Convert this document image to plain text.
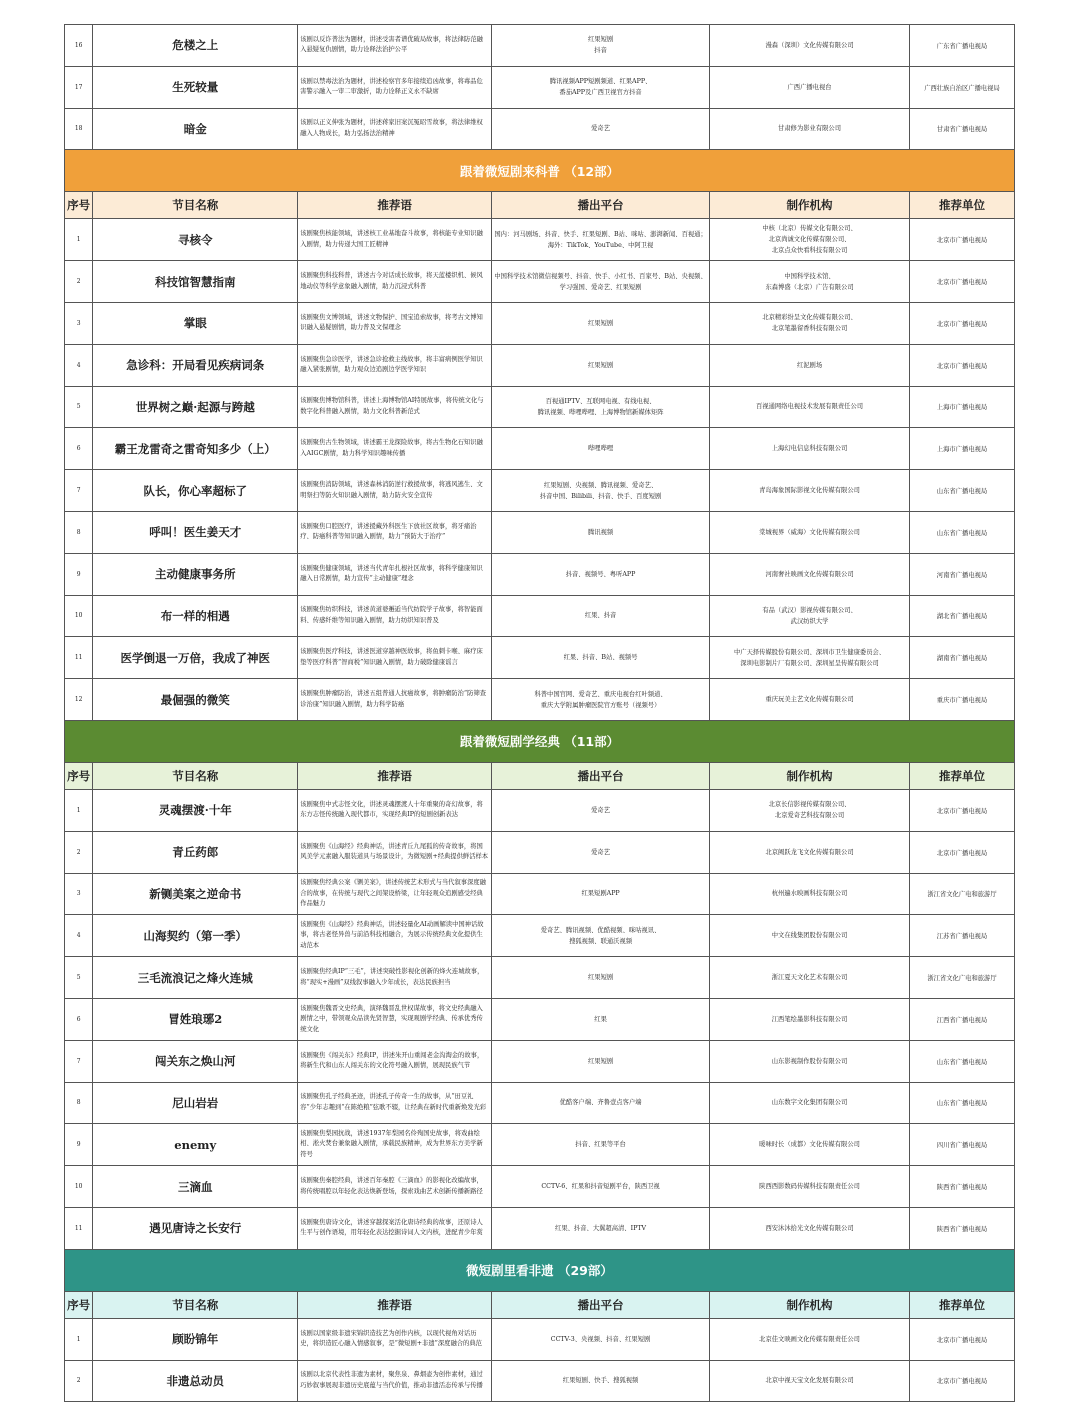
16	危楼之上	该剧以反诈普法为题材，讲述受害者谱优破局故事，将法律防范融入悬疑复仇剧情，助力诠释法治护公平	红果短剧
抖音	漫森（深圳）文化传媒有限公司	广东省广播电视局
17	生死较量	该剧以禁毒法治为题材，讲述检察官多年接续追凶故事，将毒品危害警示融入一审二审激折，助力诠释正义永不缺席	腾讯视频APP短剧频道、红果APP、
番茄APP及广西卫视官方抖音	广西广播电视台	广西壮族自治区广播电视局
18	暗金	该剧以正义伸张为题材，讲述蒋家旧案沉冤昭雪故事，将法律维权融入人物成长，助力弘扬法治精神	爱奇艺	甘肃修为影业有限公司	甘肃省广播电视局
跟着微短剧来科普 （12部）					
序号	节目名称	推荐语	播出平台	制作机构	推荐单位
1	寻核令	该剧聚焦核能领域，讲述核工业基地奋斗故事，将核能专业知识融入剧情，助力传递大国工匠精神	国内：河马剧场、抖音、快手、红果短剧、B站、咪咕、澎湃新闻、百视通；海外：TikTok、YouTube、中阿卫视	中核（北京）传媒文化有限公司、
北京尚诚文化传媒有限公司、
北京点众快看科技有限公司	北京市广播电视局
2	科技馆智慧指南	该剧聚焦科技科普，讲述古今对话成长故事，将天蓝楼织机、候风地动仪等科学意象融入剧情，助力沉浸式科普	中国科学技术馆微信视频号、抖音、快手、小红书、百家号、B站、央视频、学习强国、爱奇艺、红果短剧	中国科学技术馆、
东森博盛（北京）广告有限公司	北京市广播电视局
3	掌眼	该剧聚焦文博领域，讲述文物保护、国宝追索故事，将考古文博知识融入悬疑剧情，助力普及文保理念	红果短剧	北京精彩纷呈文化传媒有限公司、
北京笔墨留香科技有限公司	北京市广播电视局
4	急诊科：开局看见疾病词条	该剧聚焦急诊医学，讲述急诊抢救主线故事，将丰富病例医学知识融入紧张剧情，助力观众边追剧边学医学知识	红果短剧	红泥剧场	北京市广播电视局
5	世界树之巅·起源与跨越	该剧聚焦博物馆科普，讲述上海博物馆AI特展故事，将传统文化与数字化科普融入剧情，助力文化科普新范式	百视通IPTV、互联网电视、有线电视、
腾讯视频、哔哩哔哩、上海博物馆新媒体矩阵	百视通网络电视技术发展有限责任公司	上海市广播电视局
6	霸王龙雷奇之雷奇知多少（上）	该剧聚焦古生物领域，讲述霸王龙探险故事，将古生物化石知识融入AIGC剧情，助力科学知识趣味传播	哔哩哔哩	上海幻电信息科技有限公司	上海市广播电视局
7	队长，你心率超标了	该剧聚焦消防领域，讲述森林消防逆行救援故事，将逃风逃生、文明祭扫等防火知识融入剧情，助力防火安全宣传	红果短剧、央视频、腾讯视频、爱奇艺、
抖音中国、Bilibili、抖音、快手、百度短剧	青岛海象国际影视文化传媒有限公司	山东省广播电视局
8	呼叫！医生姜天才	该剧聚焦口腔医疗，讲述援藏外科医生下放社区故事，将牙痛治疗、防癌科普等知识融入剧情，助力“预防大于治疗”	腾讯视频	棠城视界（威海）文化传媒有限公司	山东省广播电视局
9	主动健康事务所	该剧聚焦健康领域，讲述当代青年扎根社区故事，将科学健康知识融入日常剧情，助力宣传“主动健康”理念	抖音、视频号、粤听APP	河南奢社映画文化传媒有限公司	河南省广播电视局
10	布一样的相遇	该剧聚焦纺织科技，讲述黄道婆邂逅当代纺院学子故事，将智能面料、传感纤维等知识融入剧情，助力纺织知识普及	红果、抖音	有品（武汉）影视传媒有限公司、
武汉纺织大学	湖北省广播电视局
11	医学倒退一万倍，我成了神医	该剧聚焦医疗科技，讲述医道穿越神医故事，将鱼刺卡喉、麻疗床垫等医疗科普“智商税”知识融入剧情，助力破除健康谣言	红果、抖音、B站、视频号	中广天择传媒股份有限公司、深圳市卫生健康委员会、
深圳电影制片厂有限公司、深圳星呈传媒有限公司	湖南省广播电视局
12	最倔强的微笑	该剧聚焦肿瘤防治，讲述五组普通人抗癌故事，将肿瘤防治“防筛查诊治康”知识融入剧情，助力科学防癌	科普中国官网、爱奇艺、重庆电视台红叶频道、
重庆大学附属肿瘤医院官方账号（视频号）	重庆玩美主艺文化传媒有限公司	重庆市广播电视局
跟着微短剧学经典 （11部）					
序号	节目名称	推荐语	播出平台	制作机构	推荐单位
1	灵魂摆渡·十年	该剧聚焦中式志怪文化，讲述灵魂摆渡人十年重聚的奇幻故事，将东方志怪传统融入现代都市，实现经典IP的短剧创新表达	爱奇艺	北京长信影视传媒有限公司、
北京爱奇艺科技有限公司	北京市广播电视局
2	青丘药郎	该剧聚焦《山海经》经典神话，讲述青丘九尾狐的传奇故事，将国风美学元素融入服装道具与场景设计，为微短剧+经典提供鲜活样本	爱奇艺	北京阙跃龙飞文化传媒有限公司	北京市广播电视局
3	新铡美案之逆命书	该剧聚焦经典公案《铡美案》，讲述传统艺术形式与当代叙事深度融合的故事，在传统与现代之间架设桥梁，让年轻观众追剧感受经典作品魅力	红果短剧APP	杭州遍水映画科技有限公司	浙江省文化广电和旅游厅
4	山海契约（第一季）	该剧聚焦《山海经》经典神话，讲述轻量化AI动画解读中国神话故事，将古老怪异兽与前沿科技相融合，为展示传统经典文化提供生动范本	爱奇艺、腾讯视频、优酷视频、咪咕视讯、
搜狐视频、联通沃视频	中文在线集团股份有限公司	江苏省广播电视局
5	三毛流浪记之烽火连城	该剧聚焦经典IP“三毛”，讲述突破性影视化创新的烽火连城故事，将“现实+漫画”双线叙事融入少年成长，表达民族担当	红果短剧	浙江夏天文化艺术有限公司	浙江省文化广电和旅游厅
6	冒姓琅琊2	该剧聚焦魏晋文史经典，演绎魏晋乱世权谋故事，将文史经典融入剧情之中，带领观众品读先贤智慧，实现观剧学经典、传承优秀传统文化	红果	江西笔绘墨影科技有限公司	江西省广播电视局
7	闯关东之焕山河	该剧聚焦《闯关东》经典IP，讲述朱开山重闯老金沟淘金的故事，将新生代和山东人闯关东的文化符号融入剧情，展现民族气节	红果短剧	山东影视制作股份有限公司	山东省广播电视局
8	尼山岩岩	该剧聚焦孔子经典圣迹，讲述孔子传奇一生的故事，从“田豆礼容”少年志趣到“在陈绝粮”弦歌不辍，让经典在新时代重新焕发光彩	优酷客户端、齐鲁壹点客户端	山东数字文化集团有限公司	山东省广播电视局
9	enemy	该剧聚焦梨园抗战，讲述1937年梨园名伶殉国史故事，将戏曲绘相、淞火焚台兼象融入剧情，承载民族精神，成为世界东方美学新符号	抖音、红果等平台	暖味时长（成都）文化传媒有限公司	四川省广播电视局
10	三滴血	该剧聚焦秦腔经典，讲述百年秦腔《三滴血》的影视化改编故事，将传统唱腔以年轻化表达焕新登场，探索戏曲艺术创新传播新路径	CCTV-6、红果和抖音短剧平台，陕西卫视	陕西西影数码传媒科技有限责任公司	陕西省广播电视局
11	遇见唐诗之长安行	该剧聚焦唐诗文化，讲述穿越探案活化唐诗经典的故事，还原诗人生平与创作语境，用年轻化表达挖掘诗词人文内核，进配青少年赏	红果、抖音、大翼超高清、IPTV	西安沐沐拾光文化传媒有限公司	陕西省广播电视局
微短剧里看非遗 （29部）					
序号	节目名称	推荐语	播出平台	制作机构	推荐单位
1	顾盼锦年	该剧以国家级非遗宋锦织造技艺为创作内核，以现代视角对话历史，将织造匠心融入情感叙事，是“微短剧+非遗”深度融合的典范	CCTV-3、央视频、抖音、红果短剧	北京佳文映画文化传媒有限责任公司	北京市广播电视局
2	非遗总动员	该剧以北京代表性非遗为素材，聚焦泉、鼻烟壶为创作素材，通过巧妙叙事展现非遗历史底蕴与当代价值，推动非遗活态传承与传播	红果短剧、快手、搜狐视频	北京中视天宝文化发展有限公司	北京市广播电视局
